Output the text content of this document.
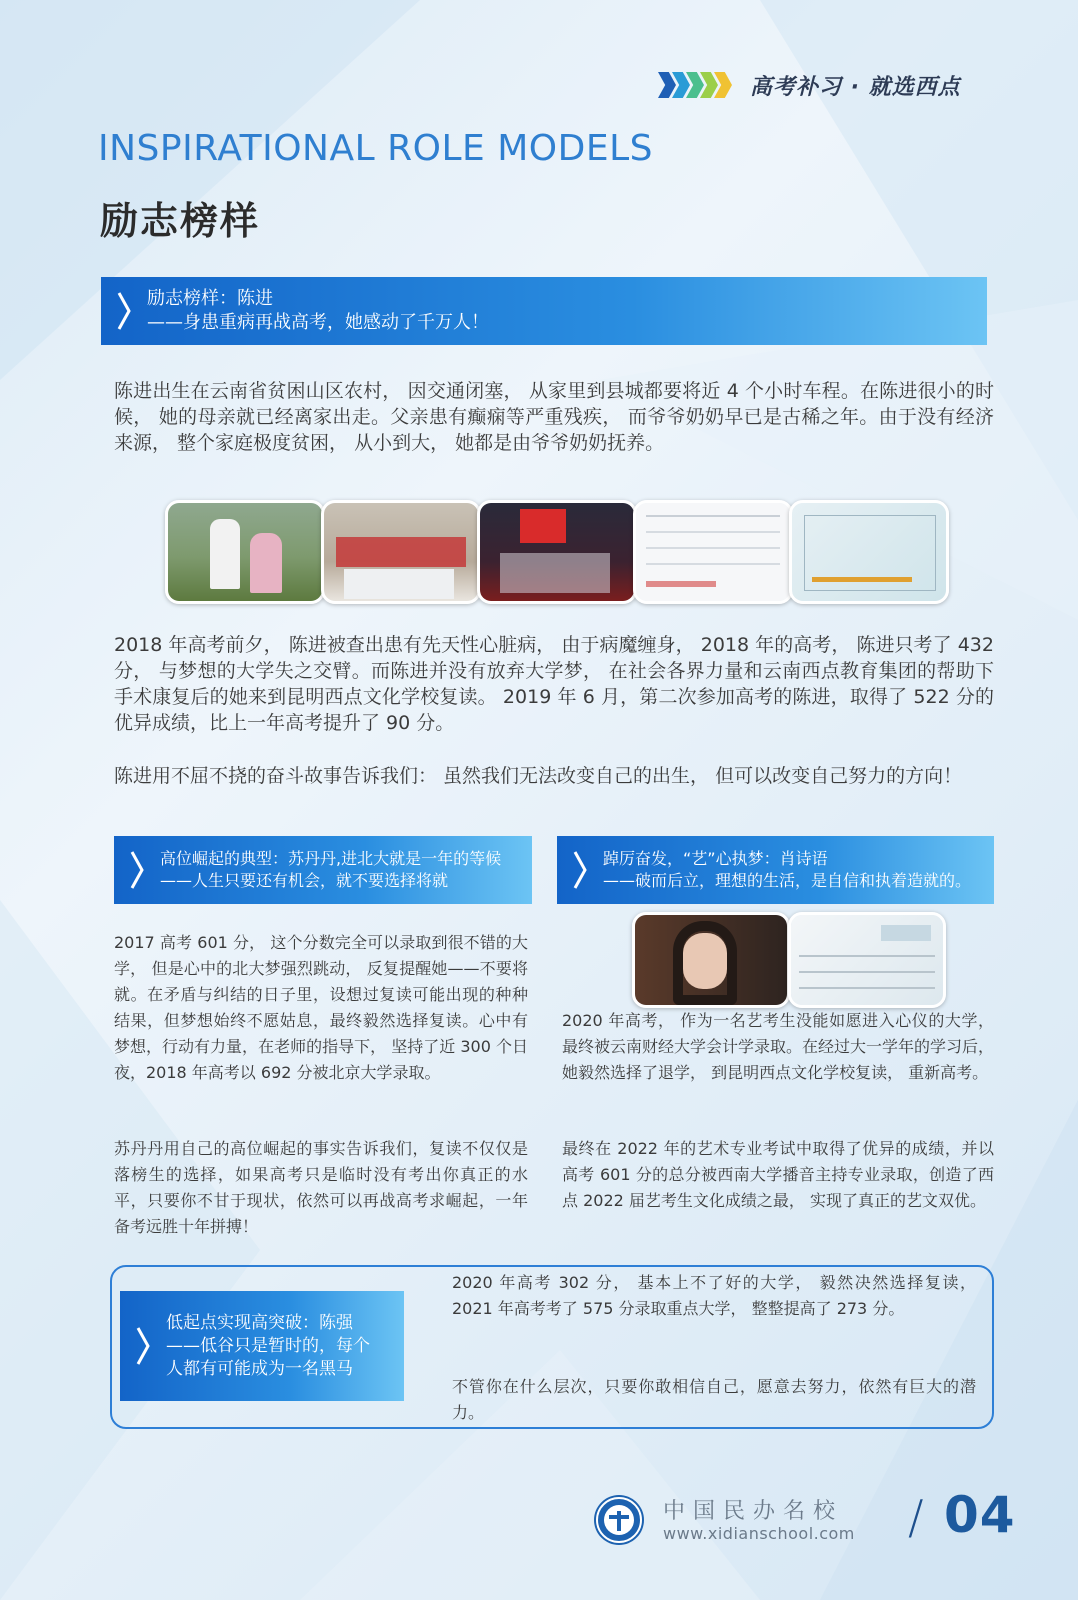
高考补习 · 就选西点
INSPIRATIONAL ROLE MODELS
励志榜样
励志榜样：陈进
——身患重病再战高考，她感动了千万人！
陈进出生在云南省贫困山区农村， 因交通闭塞， 从家里到县城都要将近 4 个小时车程。在陈进很小的时候， 她的母亲就已经离家出走。父亲患有癫痫等严重残疾， 而爷爷奶奶早已是古稀之年。由于没有经济来源， 整个家庭极度贫困， 从小到大， 她都是由爷爷奶奶抚养。
2018 年高考前夕， 陈进被查出患有先天性心脏病， 由于病魔缠身， 2018 年的高考， 陈进只考了 432 分， 与梦想的大学失之交臂。而陈进并没有放弃大学梦， 在社会各界力量和云南西点教育集团的帮助下手术康复后的她来到昆明西点文化学校复读。 2019 年 6 月，第二次参加高考的陈进，取得了 522 分的优异成绩，比上一年高考提升了 90 分。
陈进用不屈不挠的奋斗故事告诉我们： 虽然我们无法改变自己的出生， 但可以改变自己努力的方向！
高位崛起的典型：苏丹丹,进北大就是一年的等候
——人生只要还有机会，就不要选择将就
2017 高考 601 分， 这个分数完全可以录取到很不错的大学， 但是心中的北大梦强烈跳动， 反复提醒她——不要将就。在矛盾与纠结的日子里，设想过复读可能出现的种种结果，但梦想始终不愿姑息，最终毅然选择复读。心中有梦想，行动有力量，在老师的指导下， 坚持了近 300 个日夜，2018 年高考以 692 分被北京大学录取。
苏丹丹用自己的高位崛起的事实告诉我们，复读不仅仅是落榜生的选择，如果高考只是临时没有考出你真正的水平，只要你不甘于现状，依然可以再战高考求崛起，一年备考远胜十年拼搏！
踔厉奋发，“艺”心执梦：肖诗语
——破而后立，理想的生活，是自信和执着造就的。
2020 年高考， 作为一名艺考生没能如愿进入心仪的大学， 最终被云南财经大学会计学录取。在经过大一学年的学习后， 她毅然选择了退学， 到昆明西点文化学校复读， 重新高考。
最终在 2022 年的艺术专业考试中取得了优异的成绩，并以高考 601 分的总分被西南大学播音主持专业录取，创造了西点 2022 届艺考生文化成绩之最， 实现了真正的艺文双优。
低起点实现高突破：陈强
——低谷只是暂时的，每个
人都有可能成为一名黑马
2020 年高考 302 分， 基本上不了好的大学， 毅然决然选择复读， 2021 年高考考了 575 分录取重点大学， 整整提高了 273 分。
不管你在什么层次，只要你敢相信自己，愿意去努力，依然有巨大的潜力。
中国民办名校
www.xidianschool.com / 04
